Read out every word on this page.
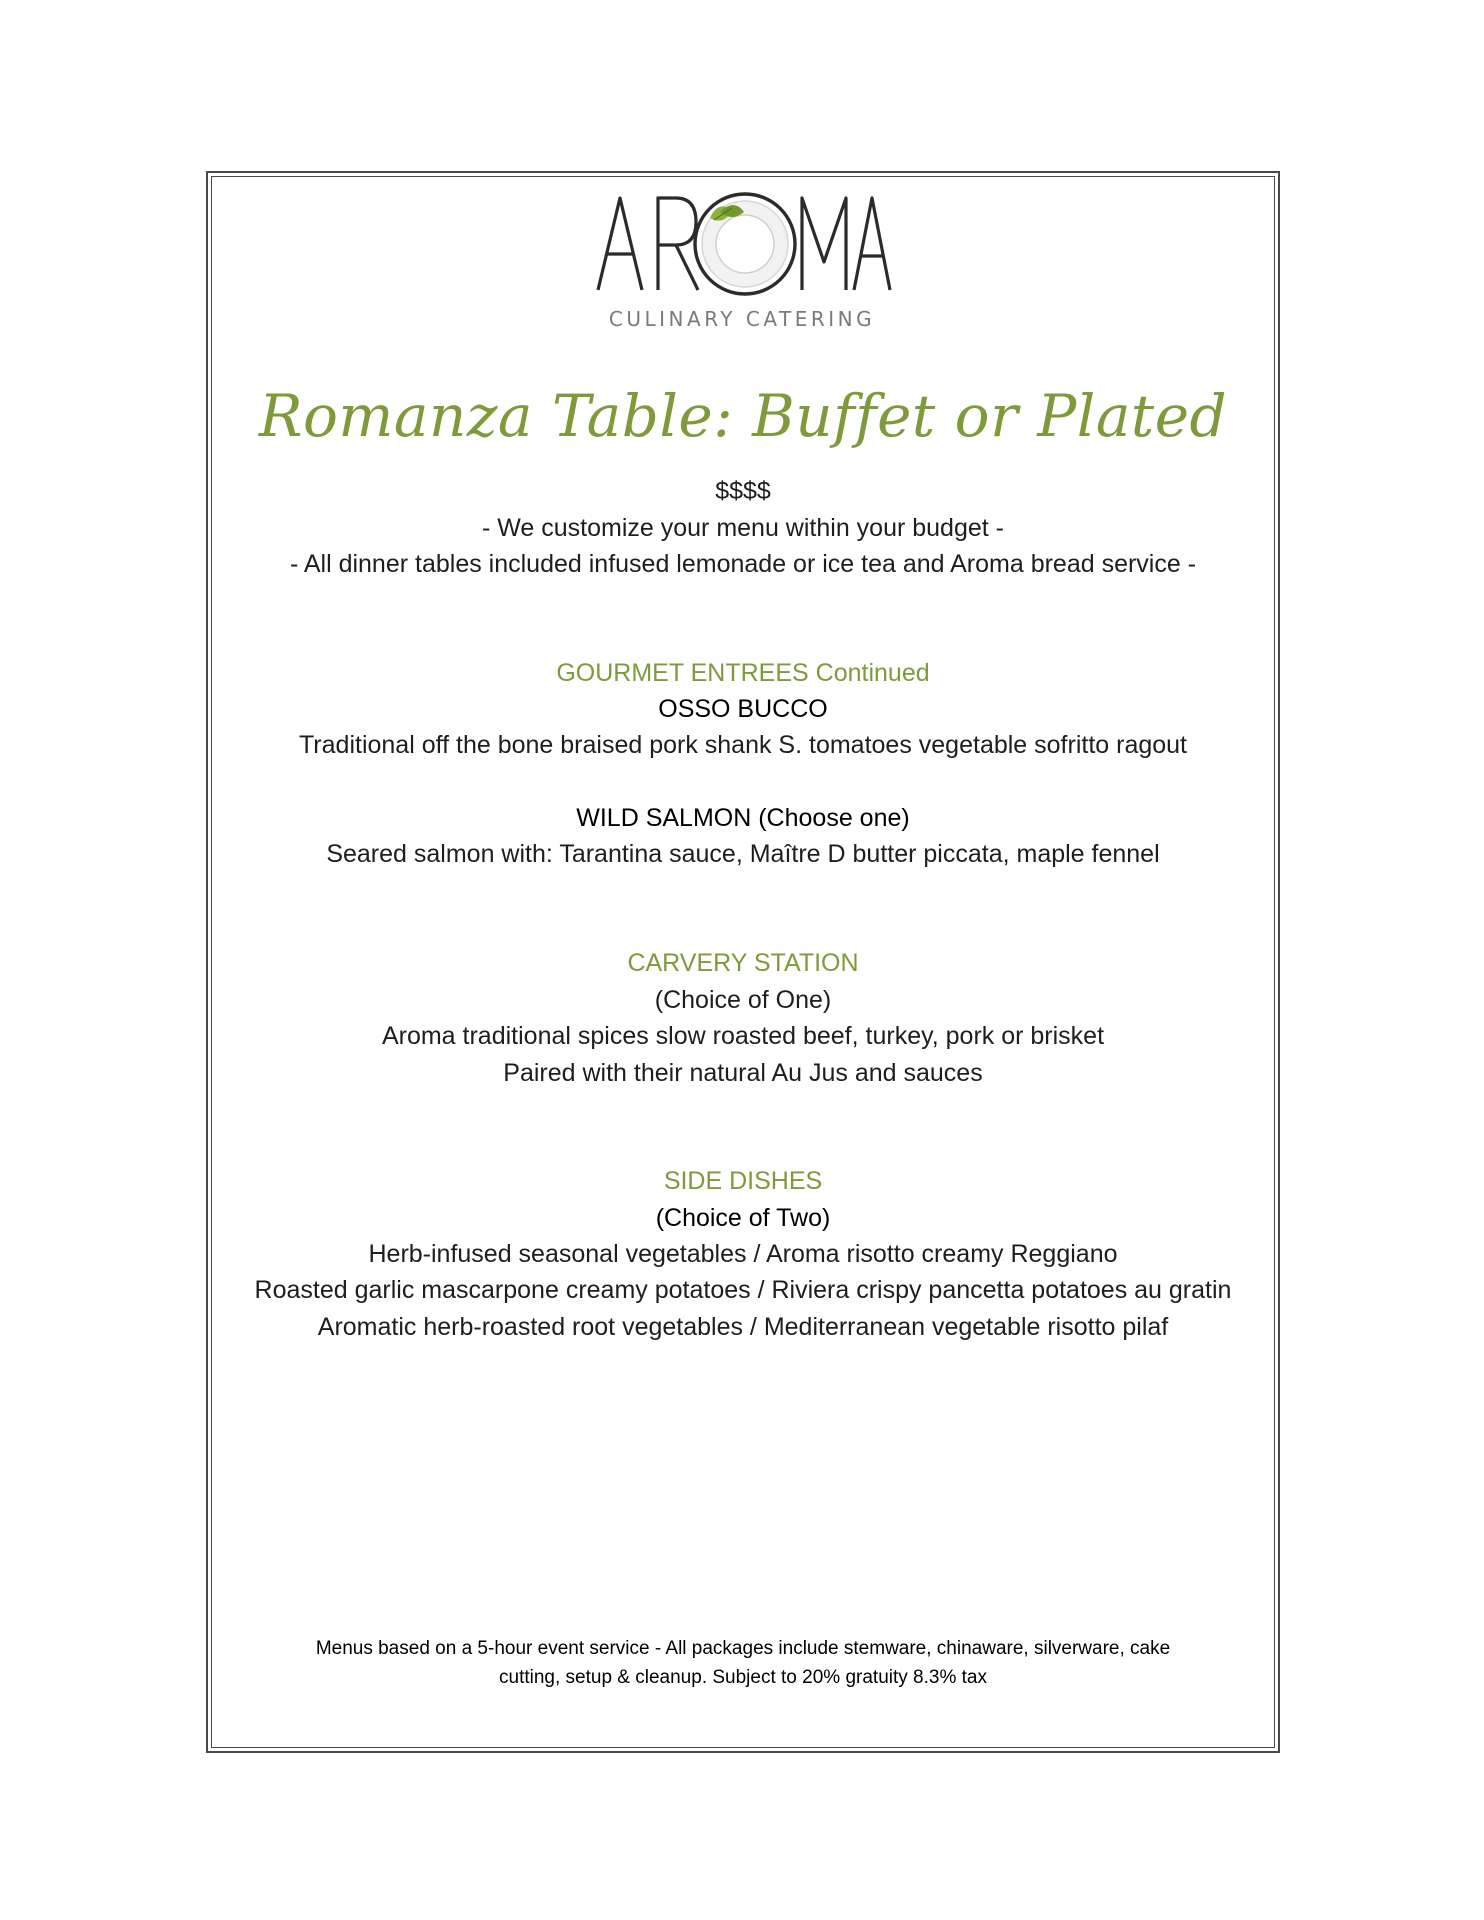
CULINARY CATERING
Romanza Table: Buffet or Plated
$$$$
- We customize your menu within your budget -
- All dinner tables included infused lemonade or ice tea and Aroma bread service -
GOURMET ENTREES Continued
OSSO BUCCO
Traditional off the bone braised pork shank S. tomatoes vegetable sofritto ragout
WILD SALMON (Choose one)
Seared salmon with: Tarantina sauce, Maître D butter piccata, maple fennel
CARVERY STATION
(Choice of One)
Aroma traditional spices slow roasted beef, turkey, pork or brisket
Paired with their natural Au Jus and sauces
SIDE DISHES
(Choice of Two)
Herb-infused seasonal vegetables / Aroma risotto creamy Reggiano
Roasted garlic mascarpone creamy potatoes / Riviera crispy pancetta potatoes au gratin
Aromatic herb-roasted root vegetables / Mediterranean vegetable risotto pilaf
Menus based on a 5-hour event service - All packages include stemware, chinaware, silverware, cake
cutting, setup & cleanup. Subject to 20% gratuity 8.3% tax
